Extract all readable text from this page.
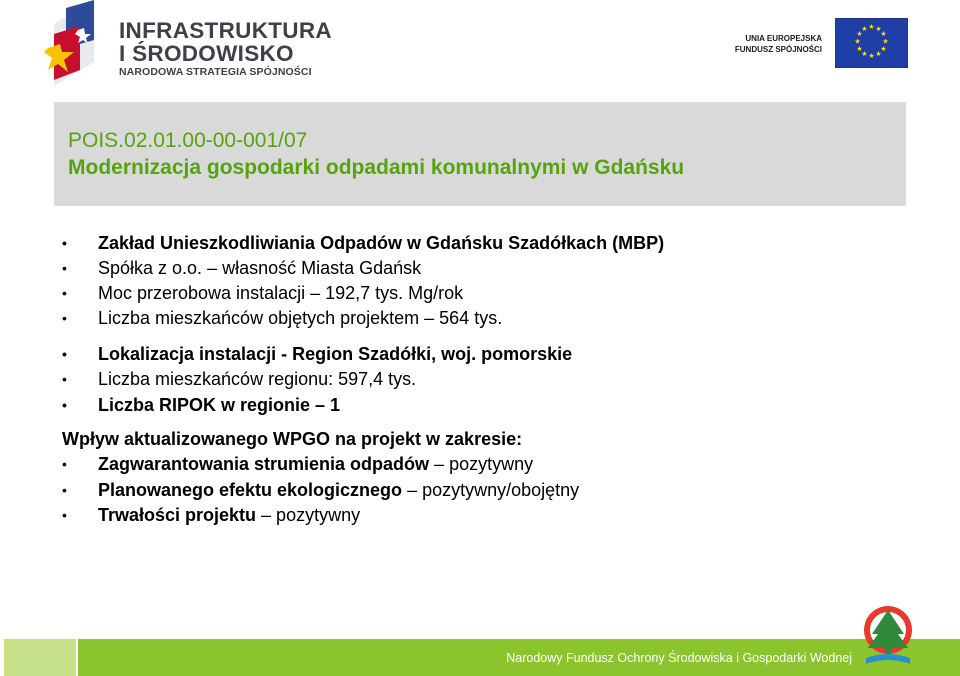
INFRASTRUKTURA
I ŚRODOWISKO
NARODOWA STRATEGIA SPÓJNOŚCI
UNIA EUROPEJSKA
FUNDUSZ SPÓJNOŚCI
★ ★
★
★
★
★
★
★
★
★
★
★
POIS.02.01.00-00-001/07
Modernizacja gospodarki odpadami komunalnymi w Gdańsku
• Zakład Unieszkodliwiania Odpadów w Gdańsku Szadółkach (MBP)
• Spółka z o.o. – własność Miasta Gdańsk
• Moc przerobowa instalacji – 192,7 tys. Mg/rok
• Liczba mieszkańców objętych projektem – 564 tys.
• Lokalizacja instalacji - Region Szadółki, woj. pomorskie
• Liczba mieszkańców regionu: 597,4 tys.
• Liczba RIPOK w regionie – 1
Wpływ aktualizowanego WPGO na projekt w zakresie:
• Zagwarantowania strumienia odpadów – pozytywny
• Planowanego efektu ekologicznego – pozytywny/obojętny
• Trwałości projektu – pozytywny
Narodowy Fundusz Ochrony Środowiska i Gospodarki Wodnej
